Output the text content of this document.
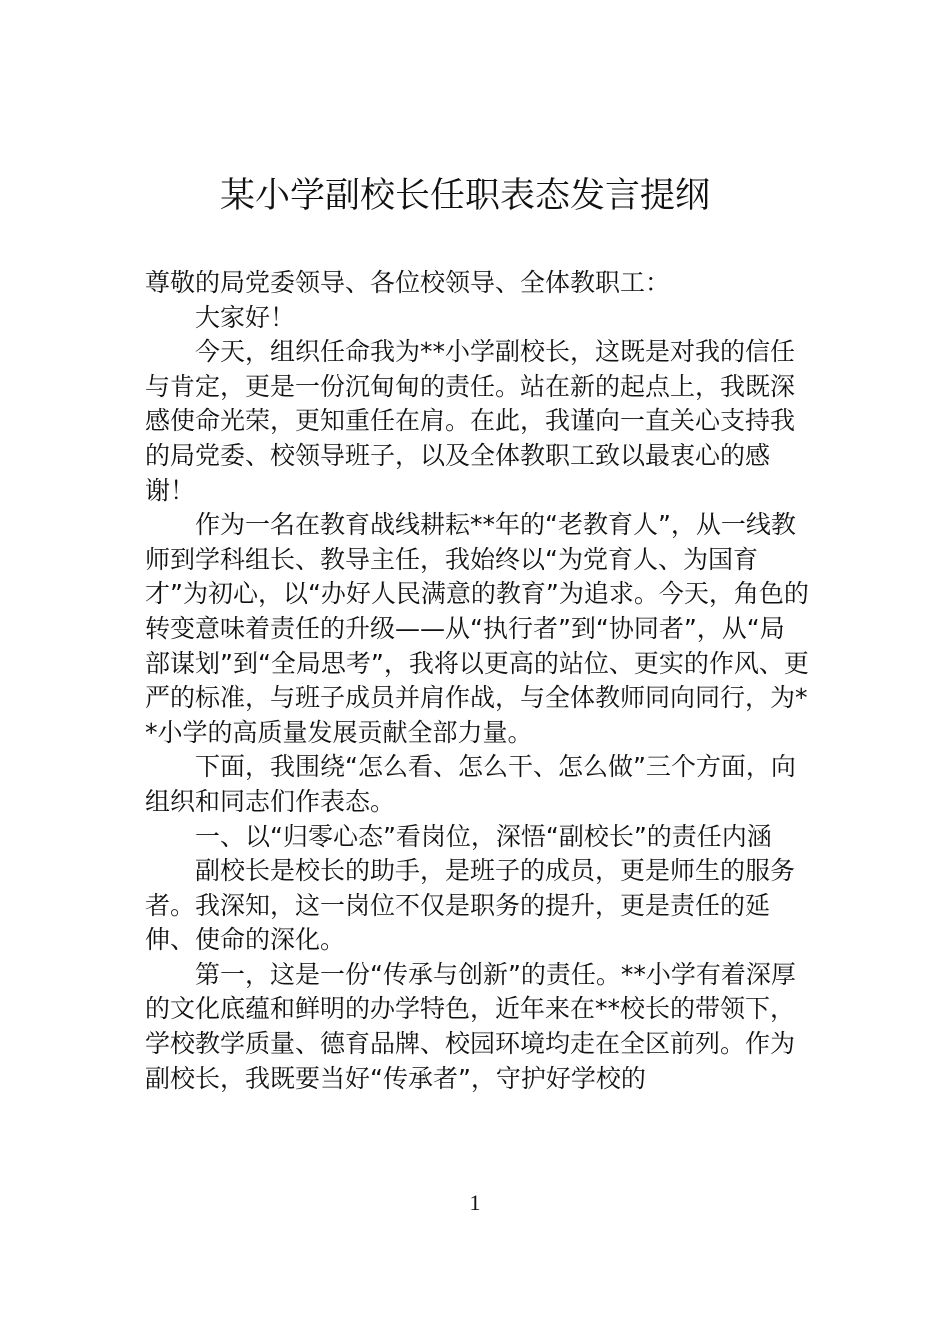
某小学副校长任职表态发言提纲

尊敬的局党委领导、各位校领导、全体教职工：

大家好！

今天，组织任命我为**小学副校长，这既是对我的信任与肯定，更是一份沉甸甸的责任。站在新的起点上，我既深感使命光荣，更知重任在肩。在此，我谨向一直关心支持我的局党委、校领导班子，以及全体教职工致以最衷心的感谢！

作为一名在教育战线耕耘**年的“老教育人”，从一线教师到学科组长、教导主任，我始终以“为党育人、为国育才”为初心，以“办好人民满意的教育”为追求。今天，角色的转变意味着责任的升级——从“执行者”到“协同者”，从“局部谋划”到“全局思考”，我将以更高的站位、更实的作风、更严的标准，与班子成员并肩作战，与全体教师同向同行，为**小学的高质量发展贡献全部力量。

下面，我围绕“怎么看、怎么干、怎么做”三个方面，向组织和同志们作表态。

一、以“归零心态”看岗位，深悟“副校长”的责任内涵

副校长是校长的助手，是班子的成员，更是师生的服务者。我深知，这一岗位不仅是职务的提升，更是责任的延伸、使命的深化。

第一，这是一份“传承与创新”的责任。**小学有着深厚的文化底蕴和鲜明的办学特色，近年来在**校长的带领下，学校教学质量、德育品牌、校园环境均走在全区前列。作为副校长，我既要当好“传承者”，守护好学校的

1
